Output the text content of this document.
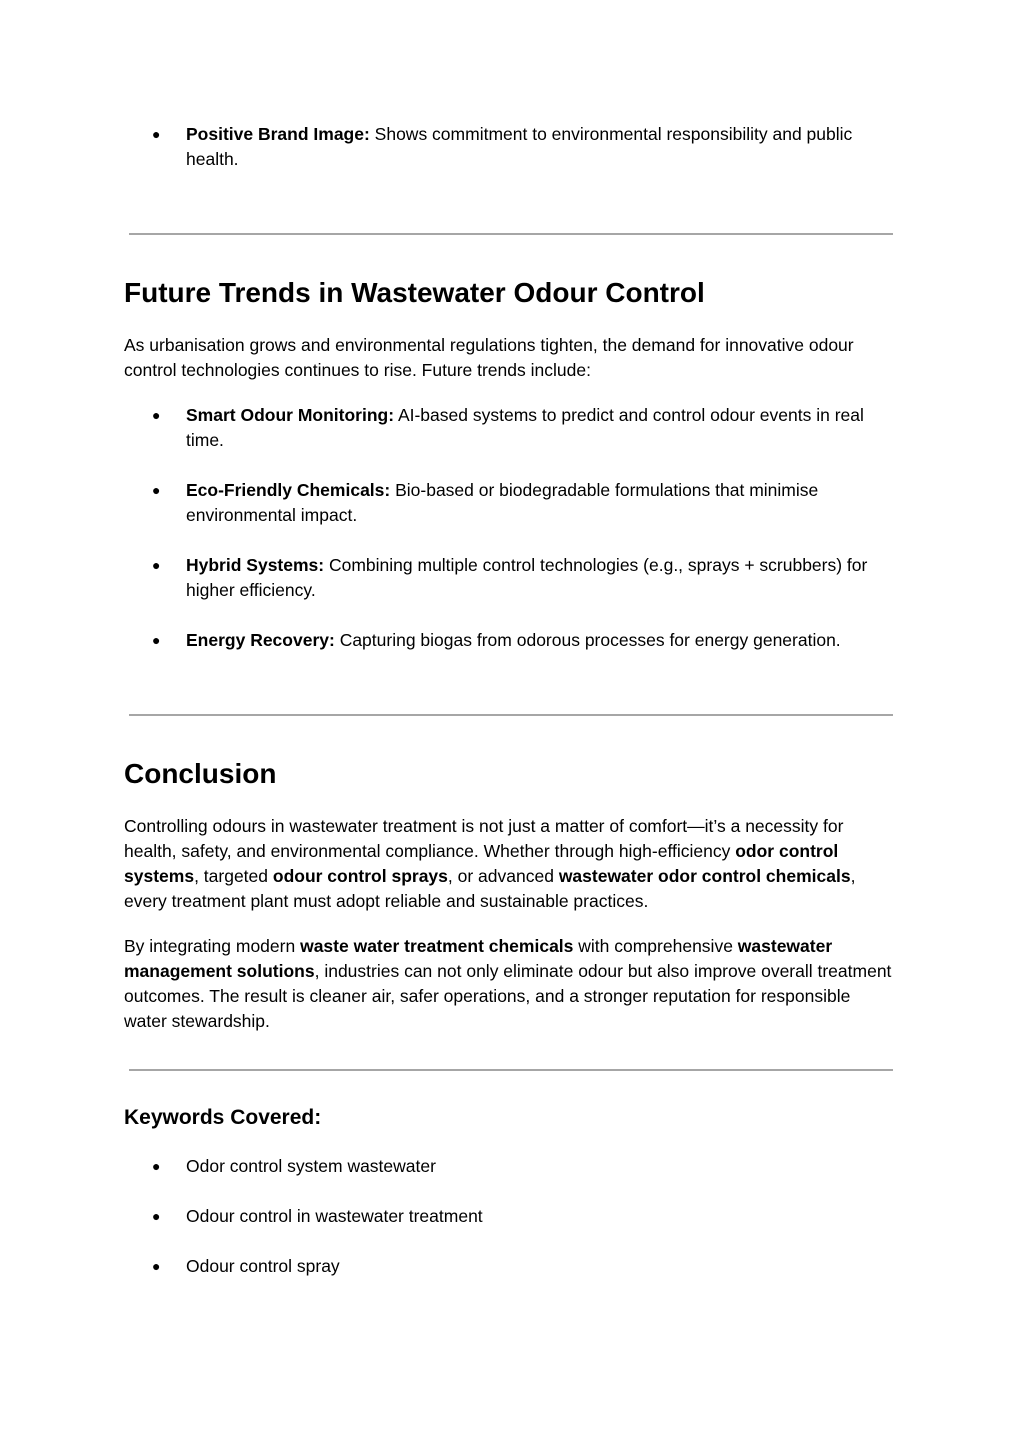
●	Positive Brand Image: Shows commitment to environmental responsibility and public health.
Future Trends in Wastewater Odour Control

As urbanisation grows and environmental regulations tighten, the demand for innovative odour control technologies continues to rise. Future trends include:

●	Smart Odour Monitoring: AI-based systems to predict and control odour events in real time.
●	Eco-Friendly Chemicals: Bio-based or biodegradable formulations that minimise environmental impact.
●	Hybrid Systems: Combining multiple control technologies (e.g., sprays + scrubbers) for higher efficiency.
●	Energy Recovery: Capturing biogas from odorous processes for energy generation.
Conclusion

Controlling odours in wastewater treatment is not just a matter of comfort—it’s a necessity for health, safety, and environmental compliance. Whether through high-efficiency odor control systems, targeted odour control sprays, or advanced wastewater odor control chemicals, every treatment plant must adopt reliable and sustainable practices.

By integrating modern waste water treatment chemicals with comprehensive wastewater management solutions, industries can not only eliminate odour but also improve overall treatment outcomes. The result is cleaner air, safer operations, and a stronger reputation for responsible water stewardship.

Keywords Covered:
●	Odor control system wastewater
●	Odour control in wastewater treatment
●	Odour control spray
